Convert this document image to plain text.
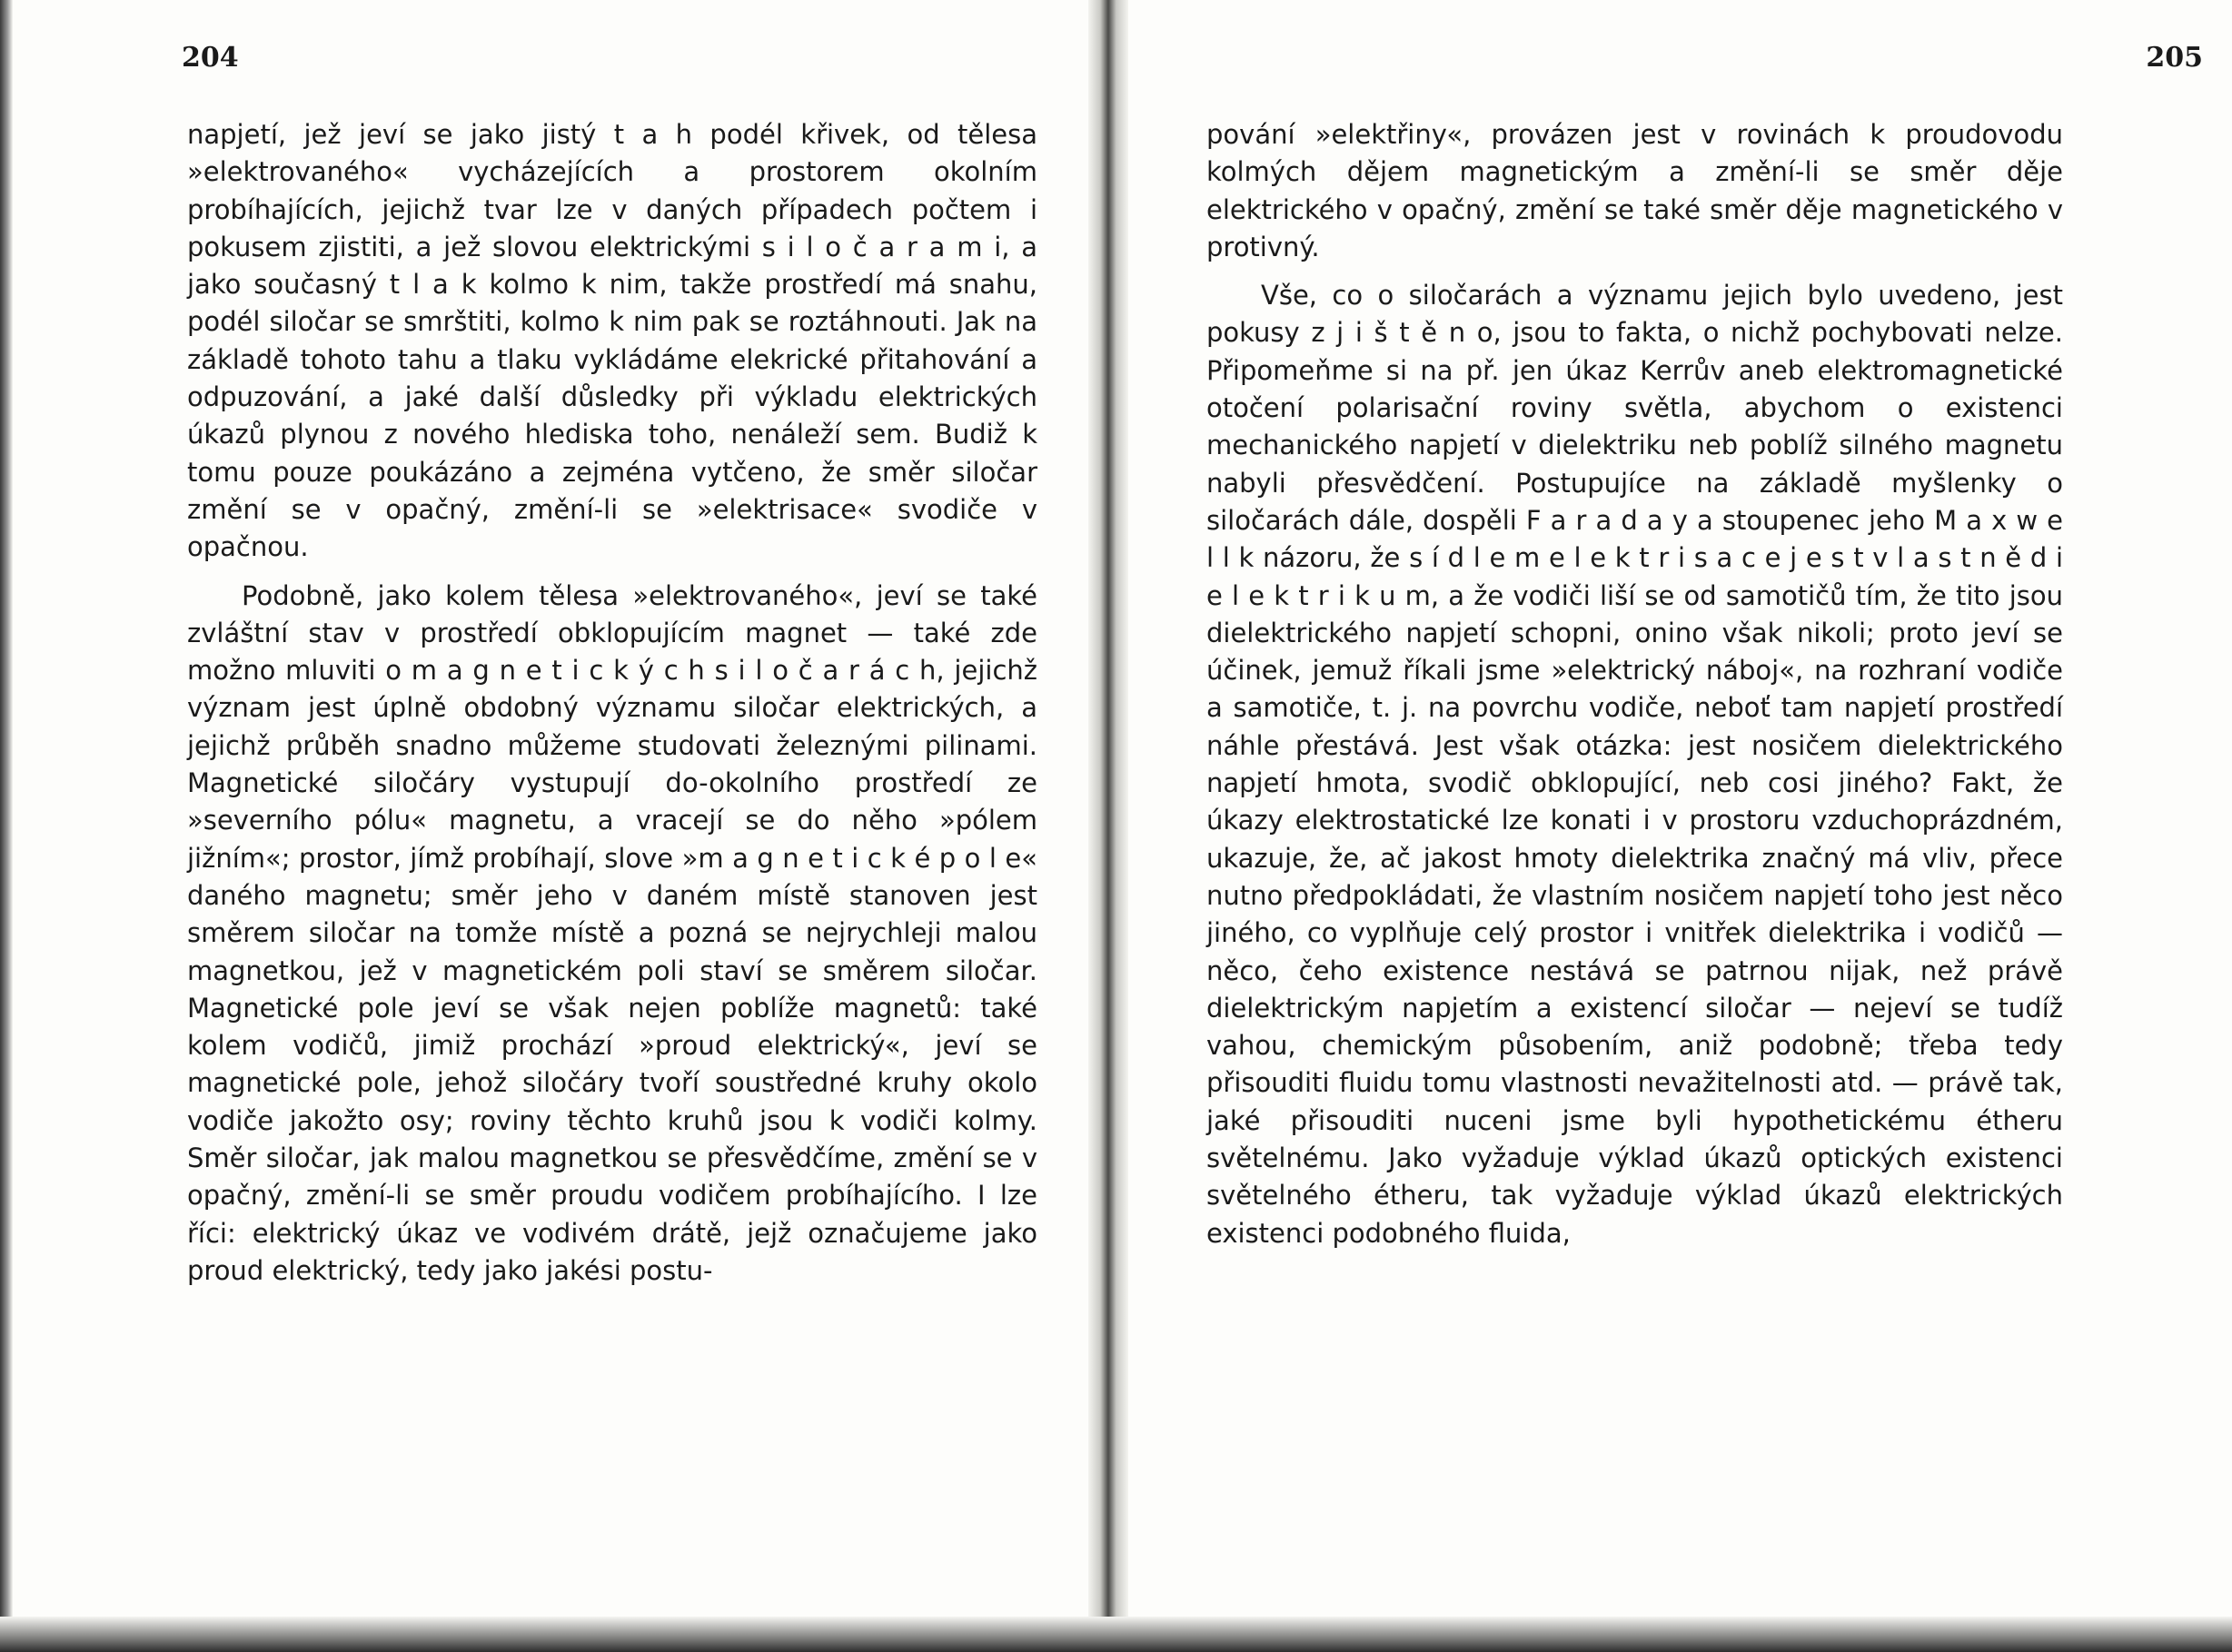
204

napjetí, jež jeví se jako jistý t a h podél křivek, od tělesa »elektrovaného« vycházejících a prostorem okolním probíhajících, jejichž tvar lze v daných případech počtem i pokusem zjistiti, a jež slovou elektrickými s i l o č a r a m i, a jako současný t l a k kolmo k nim, takže prostředí má snahu, podél siločar se smrštiti, kolmo k nim pak se roztáhnouti. Jak na základě tohoto tahu a tlaku vykládáme elekrické přitahování a odpuzování, a jaké další důsledky při výkladu elektrických úkazů plynou z nového hlediska toho, nenáleží sem. Budiž k tomu pouze poukázáno a zejména vytčeno, že směr siločar změní se v opačný, změní-li se »elektrisace« svodiče v opačnou.

Podobně, jako kolem tělesa »elektrovaného«, jeví se také zvláštní stav v prostředí obklopujícím magnet — také zde možno mluviti o m a g n e t i c k ý c h s i l o č a r á c h, jejichž význam jest úplně obdobný významu siločar elektrických, a jejichž průběh snadno můžeme studovati železnými pilinami. Magnetické siločáry vystupují do-okolního prostředí ze »severního pólu« magnetu, a vracejí se do něho »pólem jižním«; prostor, jímž probíhají, slove »m a g n e t i c k é p o l e« daného magnetu; směr jeho v daném místě stanoven jest směrem siločar na tomže místě a pozná se nejrychleji malou magnetkou, jež v magnetickém poli staví se směrem siločar. Magnetické pole jeví se však nejen poblíže magnetů: také kolem vodičů, jimiž prochází »proud elektrický«, jeví se magnetické pole, jehož siločáry tvoří soustředné kruhy okolo vodiče jakožto osy; roviny těchto kruhů jsou k vodiči kolmy. Směr siločar, jak malou magnetkou se přesvědčíme, změní se v opačný, změní-li se směr proudu vodičem probíhajícího. I lze říci: elektrický úkaz ve vodivém drátě, jejž označujeme jako proud elektrický, tedy jako jakési postu-

205

pování »elektřiny«, provázen jest v rovinách k proudovodu kolmých dějem magnetickým a změní-li se směr děje elektrického v opačný, změní se také směr děje magnetického v protivný.

Vše, co o siločarách a významu jejich bylo uvedeno, jest pokusy z j i š t ě n o, jsou to fakta, o nichž pochybovati nelze. Připomeňme si na př. jen úkaz Kerrův aneb elektromagnetické otočení polarisační roviny světla, abychom o existenci mechanického napjetí v dielektriku neb poblíž silného magnetu nabyli přesvědčení. Postupujíce na základě myšlenky o siločarách dále, dospěli F a r a d a y a stoupenec jeho M a x w e l l k názoru, že s í d l e m e l e k t r i s a c e j e s t v l a s t n ě d i e l e k t r i k u m, a že vodiči liší se od samotičů tím, že tito jsou dielektrického napjetí schopni, onino však nikoli; proto jeví se účinek, jemuž říkali jsme »elektrický náboj«, na rozhraní vodiče a samotiče, t. j. na povrchu vodiče, neboť tam napjetí prostředí náhle přestává. Jest však otázka: jest nosičem dielektrického napjetí hmota, svodič obklopující, neb cosi jiného? Fakt, že úkazy elektrostatické lze konati i v prostoru vzduchoprázdném, ukazuje, že, ač jakost hmoty dielektrika značný má vliv, přece nutno předpokládati, že vlastním nosičem napjetí toho jest něco jiného, co vyplňuje celý prostor i vnitřek dielektrika i vodičů — něco, čeho existence nestává se patrnou nijak, než právě dielektrickým napjetím a existencí siločar — nejeví se tudíž vahou, chemickým působením, aniž podobně; třeba tedy přisouditi fluidu tomu vlastnosti nevažitelnosti atd. — právě tak, jaké přisouditi nuceni jsme byli hypothetickému étheru světelnému. Jako vyžaduje výklad úkazů optických existenci světelného étheru, tak vyžaduje výklad úkazů elektrických existenci podobného fluida,
